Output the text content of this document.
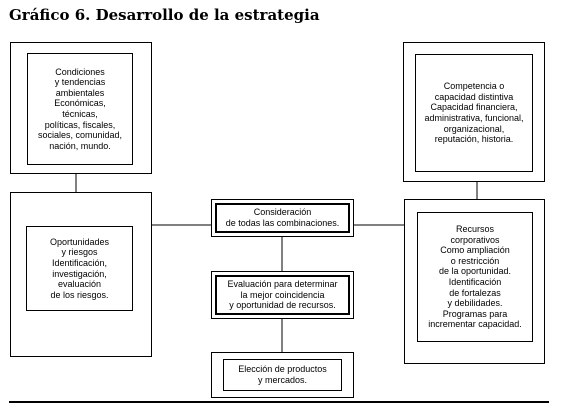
Gráfico 6. Desarrollo de la estrategia
Condiciones
y tendencias
ambientales
Económicas,
técnicas,
políticas, fiscales,
sociales, comunidad,
nación, mundo.
Competencia o
capacidad distintiva
Capacidad financiera,
administrativa, funcional,
organizacional,
reputación, historia.
Oportunidades
y riesgos
Identificación,
investigación,
evaluación
de los riesgos.
Consideración
de todas las combinaciones.
Evaluación para determinar
la mejor coincidencia
y oportunidad de recursos.
Elección de productos
y mercados.
Recursos
corporativos
Como ampliación
o restricción
de la oportunidad.
Identificación
de fortalezas
y debilidades.
Programas para
incrementar capacidad.
